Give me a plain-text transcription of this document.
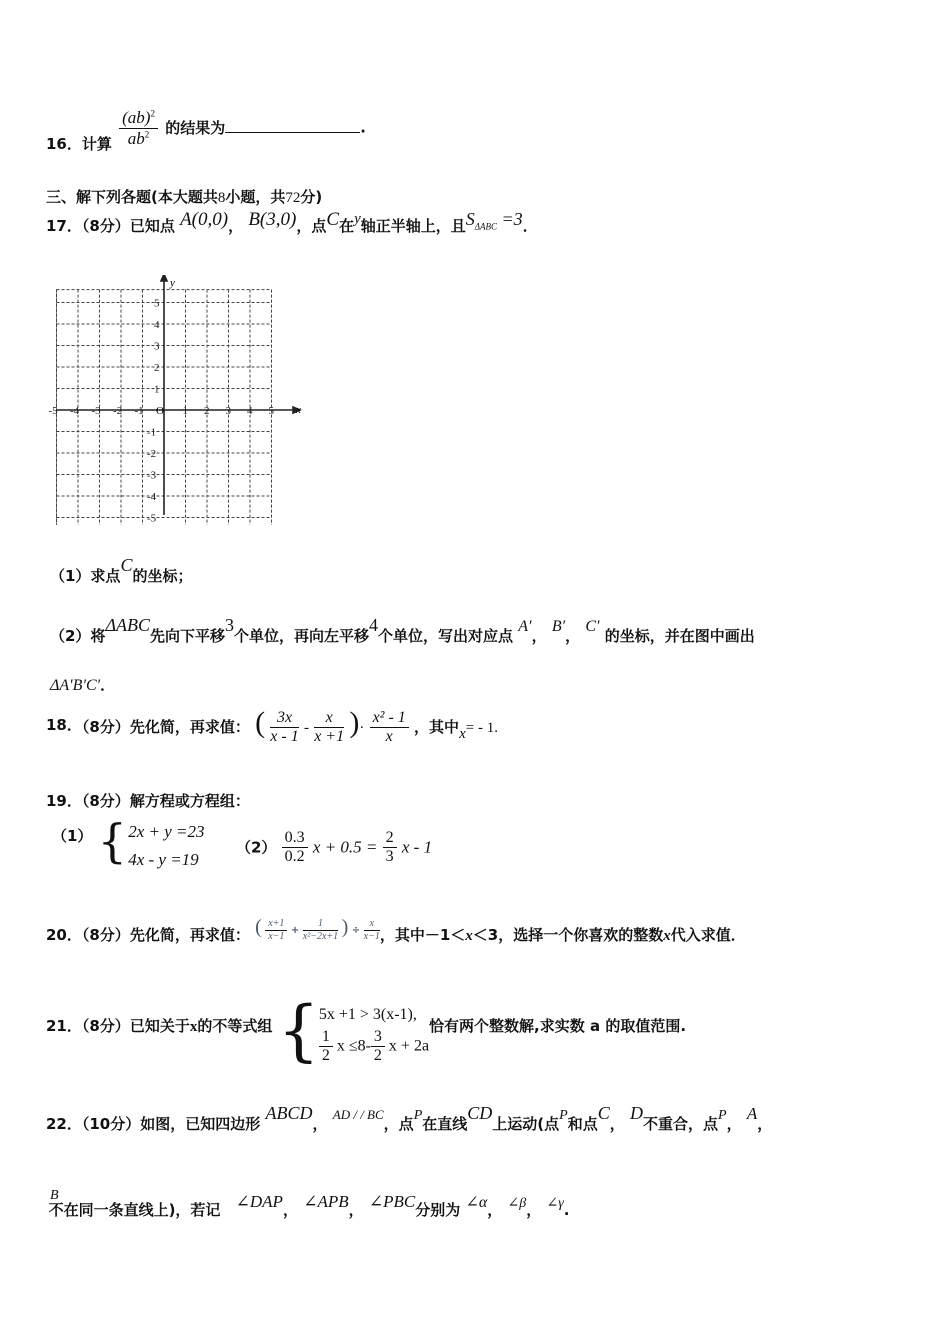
16．计算 $\frac{(ab)^2}{ab^2}$ 的结果为	.
三、解下列各题(本大题共8小题，共72分)
17．（8分）已知点 A(0,0)， B(3,0)，点C在y轴正半轴上，且$S_{\Delta ABC} =3$．
-5 -4 -3 -2 -1	1 2 3 4 5
5
4
3
2
1
-1
-2
-3
-4
-5
x
y
O
（1）求点C的坐标；
（2）将ΔABC先向下平移3个单位，再向左平移4个单位，写出对应点 A′， B′， C′ 的坐标，并在图中画出
ΔA′B′C′．
18．（8分）先化简，再求值： ( $\frac{3x}{x - 1} - \frac{x}{x +1}$ )· $\frac{\text{x² - 1}}{x}$ ，其中x= - 1.
19．（8分）解方程或方程组：
（1） { 2x + y =23
4x - y =19
$(2) \frac{0.3}{0.2}$ $x + 0.5 = \frac{2}{3}$ x - 1
20．（8分）先化简，再求值： ( $\frac{x+1}{x-1} + \frac{1}{\text{x²−2x+1}}$ ) ÷ $\frac{x}{x-1}$ ，其中－1＜x＜3，选择一个你喜欢的整数x代入求值．
21．（8分）已知关于x的不等式组 { 5x +1 > 3(x-1),
$\frac{1}{2}$ $x \le 8- \frac{3}{2}$ x + 2a
恰有两个整数解,求实数 a 的取值范围.
22．（10分）如图，已知四边形 ABCD， AD / / BC，点P在直线CD上运动(点P和点C， D不重合，点P， A，
B不在同一条直线上)，若记 ∠DAP， ∠APB， ∠PBC分别为 ∠α， ∠β， ∠γ.
